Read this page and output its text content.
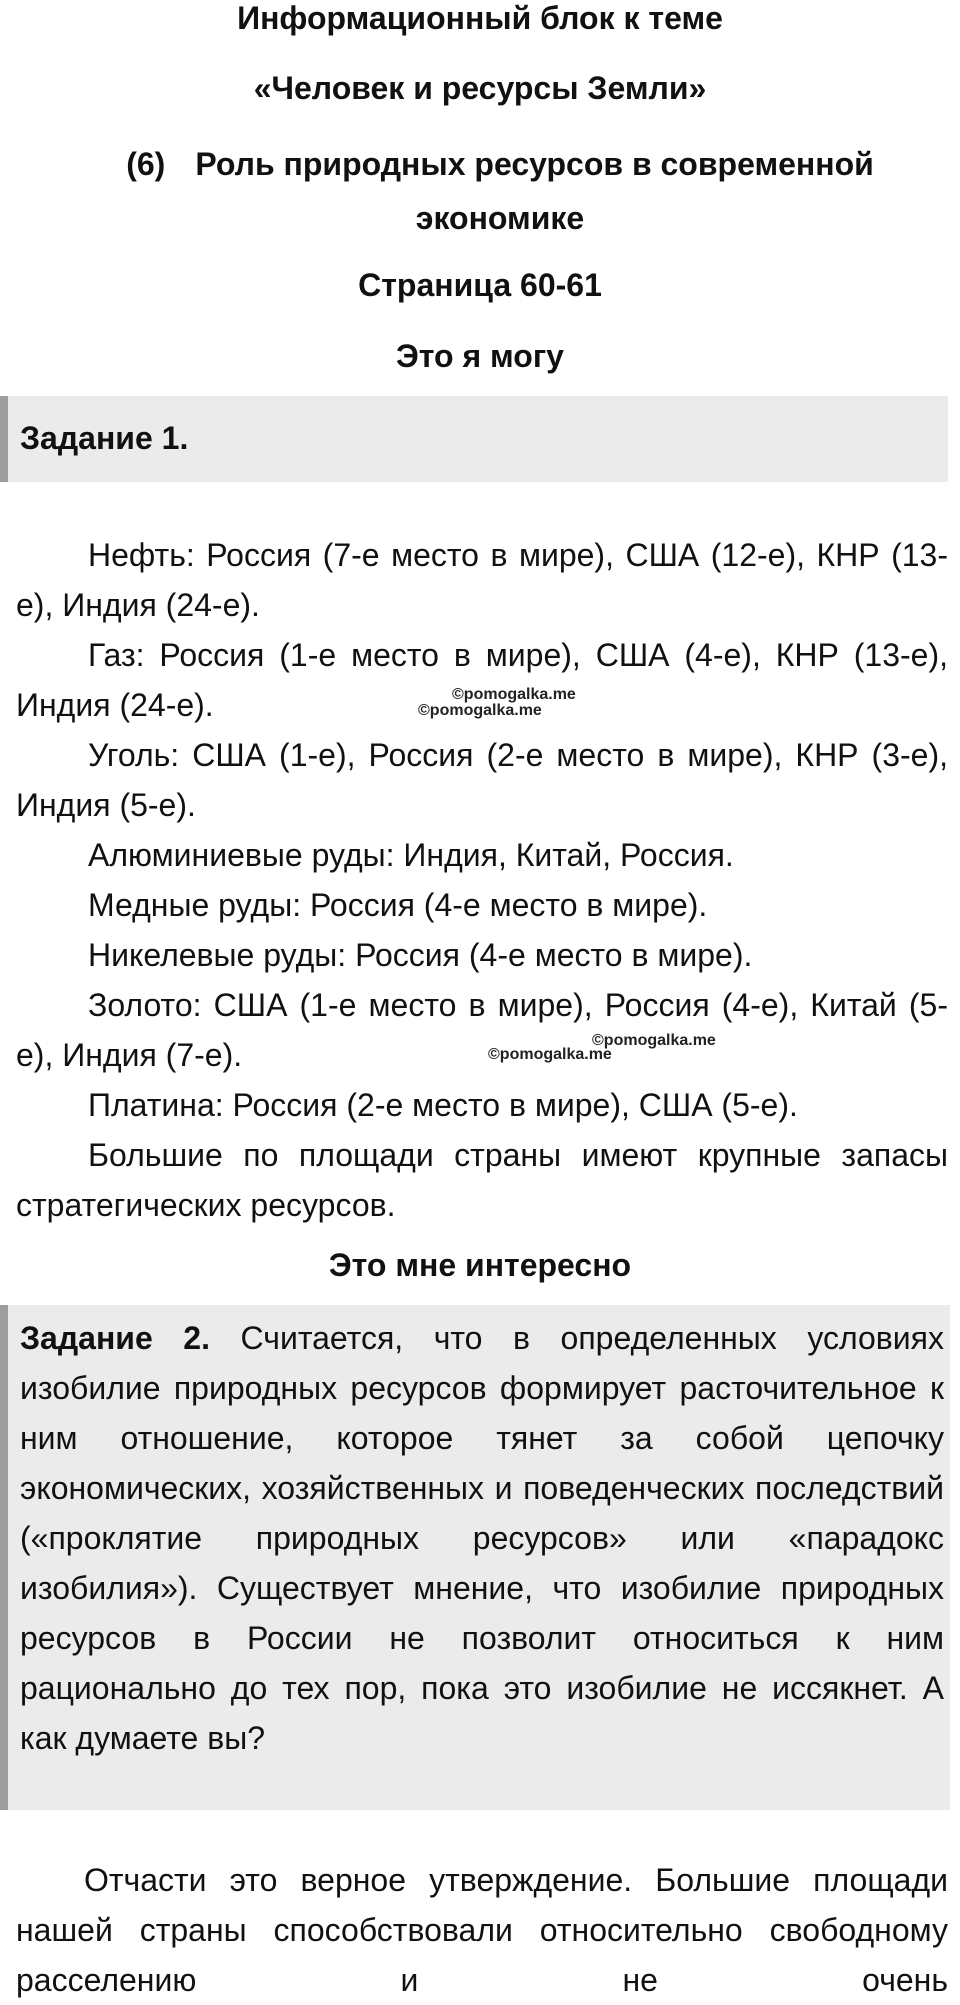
Информационный блок к теме
«Человек и ресурсы Земли»
(6) Роль природных ресурсов в современной экономике
Страница 60-61
Это я могу
Задание 1.

Нефть: Россия (7-е место в мире), США (12-е), КНР (13-е), Индия (24-е).

Газ: Россия (1-е место в мире), США (4-е), КНР (13-е), Индия (24-е).

Уголь: США (1-е), Россия (2-е место в мире), КНР (3-е), Индия (5-е).

Алюминиевые руды: Индия, Китай, Россия.

Медные руды: Россия (4-е место в мире).

Никелевые руды: Россия (4-е место в мире).

Золото: США (1-е место в мире), Россия (4-е), Китай (5-е), Индия (7-е).

Платина: Россия (2-е место в мире), США (5-е).

Большие по площади страны имеют крупные запасы стратегических ресурсов.

©pomogalka.me
©pomogalka.me
©pomogalka.me
©pomogalka.me
Это мне интересно

Задание 2. Считается, что в определенных условиях изобилие природных ресурсов формирует расточительное к ним отношение, которое тянет за собой цепочку экономических, хозяйственных и поведенческих последствий («проклятие природных ресурсов» или «парадокс изобилия»). Существует мнение, что изобилие природных ресурсов в России не позволит относиться к ним рационально до тех пор, пока это изобилие не иссякнет. А как думаете вы?

Отчасти это верное утверждение. Большие площади нашей страны способствовали относительно свободному расселению и не очень
